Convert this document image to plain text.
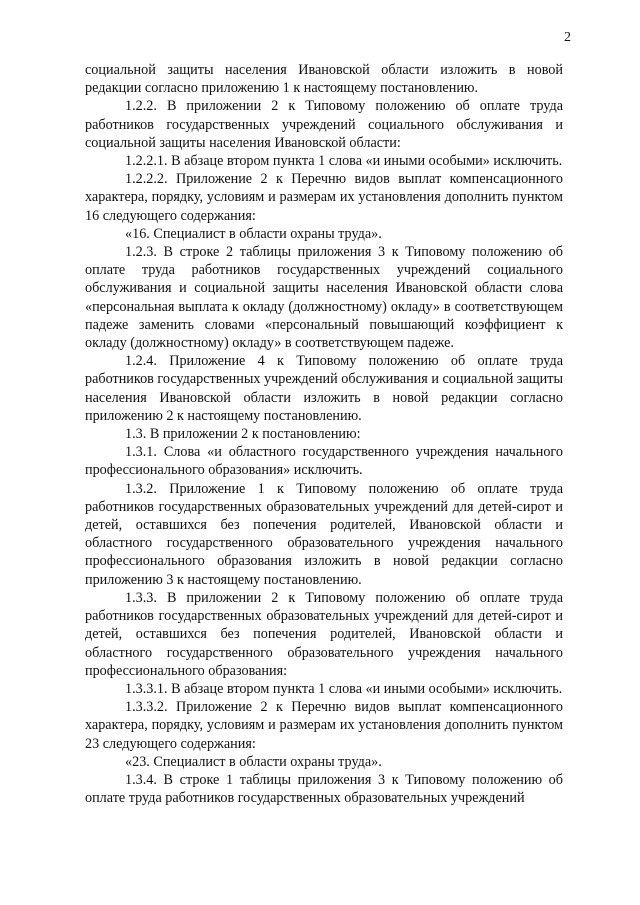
2

социальной защиты населения Ивановской области изложить в новой редакции согласно приложению 1 к настоящему постановлению.

1.2.2. В приложении 2 к Типовому положению об оплате труда работников государственных учреждений социального обслуживания и социальной защиты населения Ивановской области:

1.2.2.1. В абзаце втором пункта 1 слова «и иными особыми» исключить.

1.2.2.2. Приложение 2 к Перечню видов выплат компенсационного характера, порядку, условиям и размерам их установления дополнить пунктом 16 следующего содержания:

«16. Специалист в области охраны труда».

1.2.3. В строке 2 таблицы приложения 3 к Типовому положению об оплате труда работников государственных учреждений социального обслуживания и социальной защиты населения Ивановской области слова «персональная выплата к окладу (должностному) окладу» в соответствующем падеже заменить словами «персональный повышающий коэффициент к окладу (должностному) окладу» в соответствующем падеже.

1.2.4. Приложение 4 к Типовому положению об оплате труда работников государственных учреждений обслуживания и социальной защиты населения Ивановской области изложить в новой редакции согласно приложению 2 к настоящему постановлению.

1.3. В приложении 2 к постановлению:

1.3.1. Слова «и областного государственного учреждения начального профессионального образования» исключить.

1.3.2. Приложение 1 к Типовому положению об оплате труда работников государственных образовательных учреждений для детей-сирот и детей, оставшихся без попечения родителей, Ивановской области и областного государственного образовательного учреждения начального профессионального образования изложить в новой редакции согласно приложению 3 к настоящему постановлению.

1.3.3. В приложении 2 к Типовому положению об оплате труда работников государственных образовательных учреждений для детей-сирот и детей, оставшихся без попечения родителей, Ивановской области и областного государственного образовательного учреждения начального профессионального образования:

1.3.3.1. В абзаце втором пункта 1 слова «и иными особыми» исключить.

1.3.3.2. Приложение 2 к Перечню видов выплат компенсационного характера, порядку, условиям и размерам их установления дополнить пунктом 23 следующего содержания:

«23. Специалист в области охраны труда».

1.3.4. В строке 1 таблицы приложения 3 к Типовому положению об оплате труда работников государственных образовательных учреждений
